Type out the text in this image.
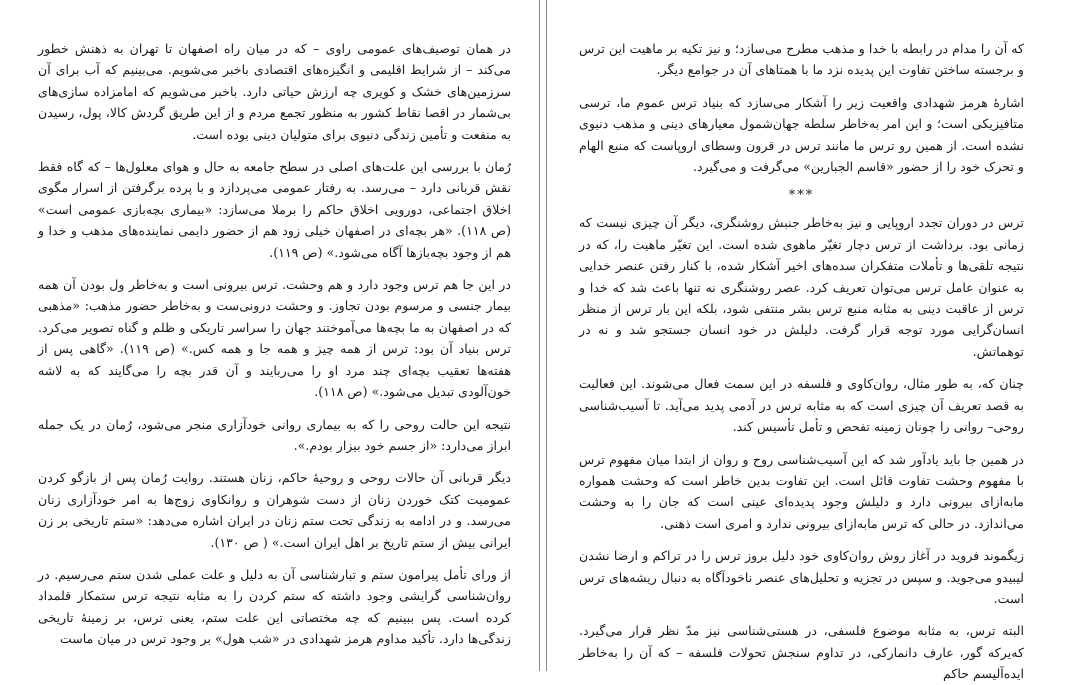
در همان توصیف‌های عمومی راوی – که در میان راه اصفهان تا تهران به ذهنش خطور می‌کند – از شرایط اقلیمی و انگیزه‌های اقتصادی باخبر می‌شویم. می‌بینیم که آب برای آن سرزمین‌های خشک و کویری چه ارزش حیاتی دارد. باخبر می‌شویم که امامزاده سازی‌های بی‌شمار در اقصا نقاط کشور به منظور تجمع مردم و از این طریق گردش کالا، پول، رسیدن به منفعت و تأمین زندگی دنیوی برای متولیان دینی بوده است.

رُمان با بررسی این علت‌های اصلی در سطح جامعه به حال و هوای معلول‌ها – که گاه فقط نقش قربانی دارد – می‌رسد. به رفتار عمومی می‌پردازد و با پرده برگرفتن از اسرار مگوی اخلاق اجتماعی، دورویی اخلاق حاکم را برملا می‌سازد: «بیماری بچه‌بازی عمومی است» (ص ۱۱۸). «هر بچه‌ای در اصفهان خیلی زود هم از حضور دایمی نماینده‌های مذهب و خدا و هم از وجود بچه‌بازها آگاه می‌شود.» (ص ۱۱۹).

در این جا هم ترس وجود دارد و هم وحشت. ترس بیرونی است و به‌خاطر ول بودن آن همه بیمار جنسی و مرسوم بودن تجاوز. و وحشت درونی‌ست و به‌خاطر حضور مذهب: «مذهبی که در اصفهان به ما بچه‌ها می‌آموختند جهان را سراسر تاریکی و ظلم و گناه تصویر می‌کرد. ترس بنیاد آن بود: ترس از همه چیز و همه جا و همه کس.» (ص ۱۱۹). «گاهی پس از هفته‌ها تعقیب بچه‌ای چند مرد او را می‌ربایند و آن قدر بچه را می‌گایند که به لاشه خون‌آلودی تبدیل می‌شود.» (ص ۱۱۸).

نتیجه این حالت روحی را که به بیماری روانی خودآزاری منجر می‌شود، رُمان در یک جمله ابراز می‌دارد: «از جسم خود بیزار بودم.».

دیگر قربانی آن حالات روحی و روحیهٔ حاکم، زنان هستند. روایت رُمان پس از بازگو کردن عمومیت کتک خوردن زنان از دست شوهران و روانکاوی زوج‌ها به امر خودآزاری زنان می‌رسد. و در ادامه به زندگی تحت ستم زنان در ایران اشاره می‌دهد: «ستم تاریخی بر زن ایرانی بیش از ستم تاریخ بر اهل ایران است.» ( ص ۱۳۰).

از ورای تأمل پیرامون ستم و تبارشناسی آن به دلیل و علت عملی شدن ستم می‌رسیم. در روان‌شناسی گرایشی وجود داشته که ستم کردن را به مثابه نتیجه ترس ستمکار قلمداد کرده است. پس ببینیم که چه مختصاتی این علت ستم، یعنی ترس، بر زمینهٔ تاریخی زندگی‌ها دارد. تأکید مداوم هرمز شهدادی در «شب هول» بر وجود ترس در میان ماست

که آن را مدام در رابطه با خدا و مذهب مطرح می‌سازد؛ و نیز تکیه بر ماهیت این ترس و برجسته ساختن تفاوت این پدیده نزد ما با همتاهای آن در جوامع دیگر.

اشارهٔ هرمز شهدادی واقعیت زیر را آشکار می‌سازد که بنیاد ترس عموم ما، ترسی متافیزیکی است؛ و این امر به‌خاطر سلطه جهان‌شمول معیارهای دینی و مذهب دنیوی نشده است. از همین رو ترس ما مانند ترس در قرون وسطای اروپاست که منبع الهام و تحرک خود را از حضور «قاسم الجبارین» می‌گرفت و می‌گیرد.

***

ترس در دوران تجدد اروپایی و نیز به‌خاطر جنبش روشنگری، دیگر آن چیزی نیست که زمانی بود. برداشت از ترس دچار تغیّر ماهوی شده است. این تغیّر ماهیت را، که در نتیجه تلقی‌ها و تأملات متفکران سده‌های اخیر آشکار شده، با کنار رفتن عنصر خدایی به عنوان عامل ترس می‌توان تعریف کرد. عصر روشنگری نه تنها باعث شد که خدا و ترس از عاقبت دینی به مثابه منبع ترس بشر منتفی شود، بلکه این بار ترس از منظر انسان‌گرایی مورد توجه قرار گرفت. دلیلش در خود انسان جستجو شد و نه در توهماتش.

چنان که، به طور مثال، روان‌کاوی و فلسفه در این سمت فعال می‌شوند. این فعالیت به قصد تعریف آن چیزی است که به مثابه ترس در آدمی پدید می‌آید. تا آسیب‌شناسی روحی– روانی را چونان زمینه تفحص و تأمل تأسیس کند.

در همین جا باید یادآور شد که این آسیب‌شناسی روح و روان از ابتدا میان مفهوم ترس با مفهوم وحشت تفاوت قائل است. این تفاوت بدین خاطر است که وحشت همواره مابه‌ازای بیرونی دارد و دلیلش وجود پدیده‌ای عینی است که جان را به وحشت می‌اندازد. در حالی که ترس مابه‌ازای بیرونی ندارد و امری است ذهنی.

زیگموند فروید در آغاز روش روان‌کاوی خود دلیل بروز ترس را در تراکم و ارضا نشدن لیبیدو می‌جوید. و سپس در تجزیه و تحلیل‌های عنصر ناخودآگاه به دنبال ریشه‌های ترس است.

البته ترس، به مثابه موضوع فلسفی، در هستی‌شناسی نیز مدّ نظر قرار می‌گیرد. که‌یرکه گور، عارف دانمارکی، در تداوم سنجش تحولات فلسفه – که آن را به‌خاطر ایده‌آلیسم حاکم
